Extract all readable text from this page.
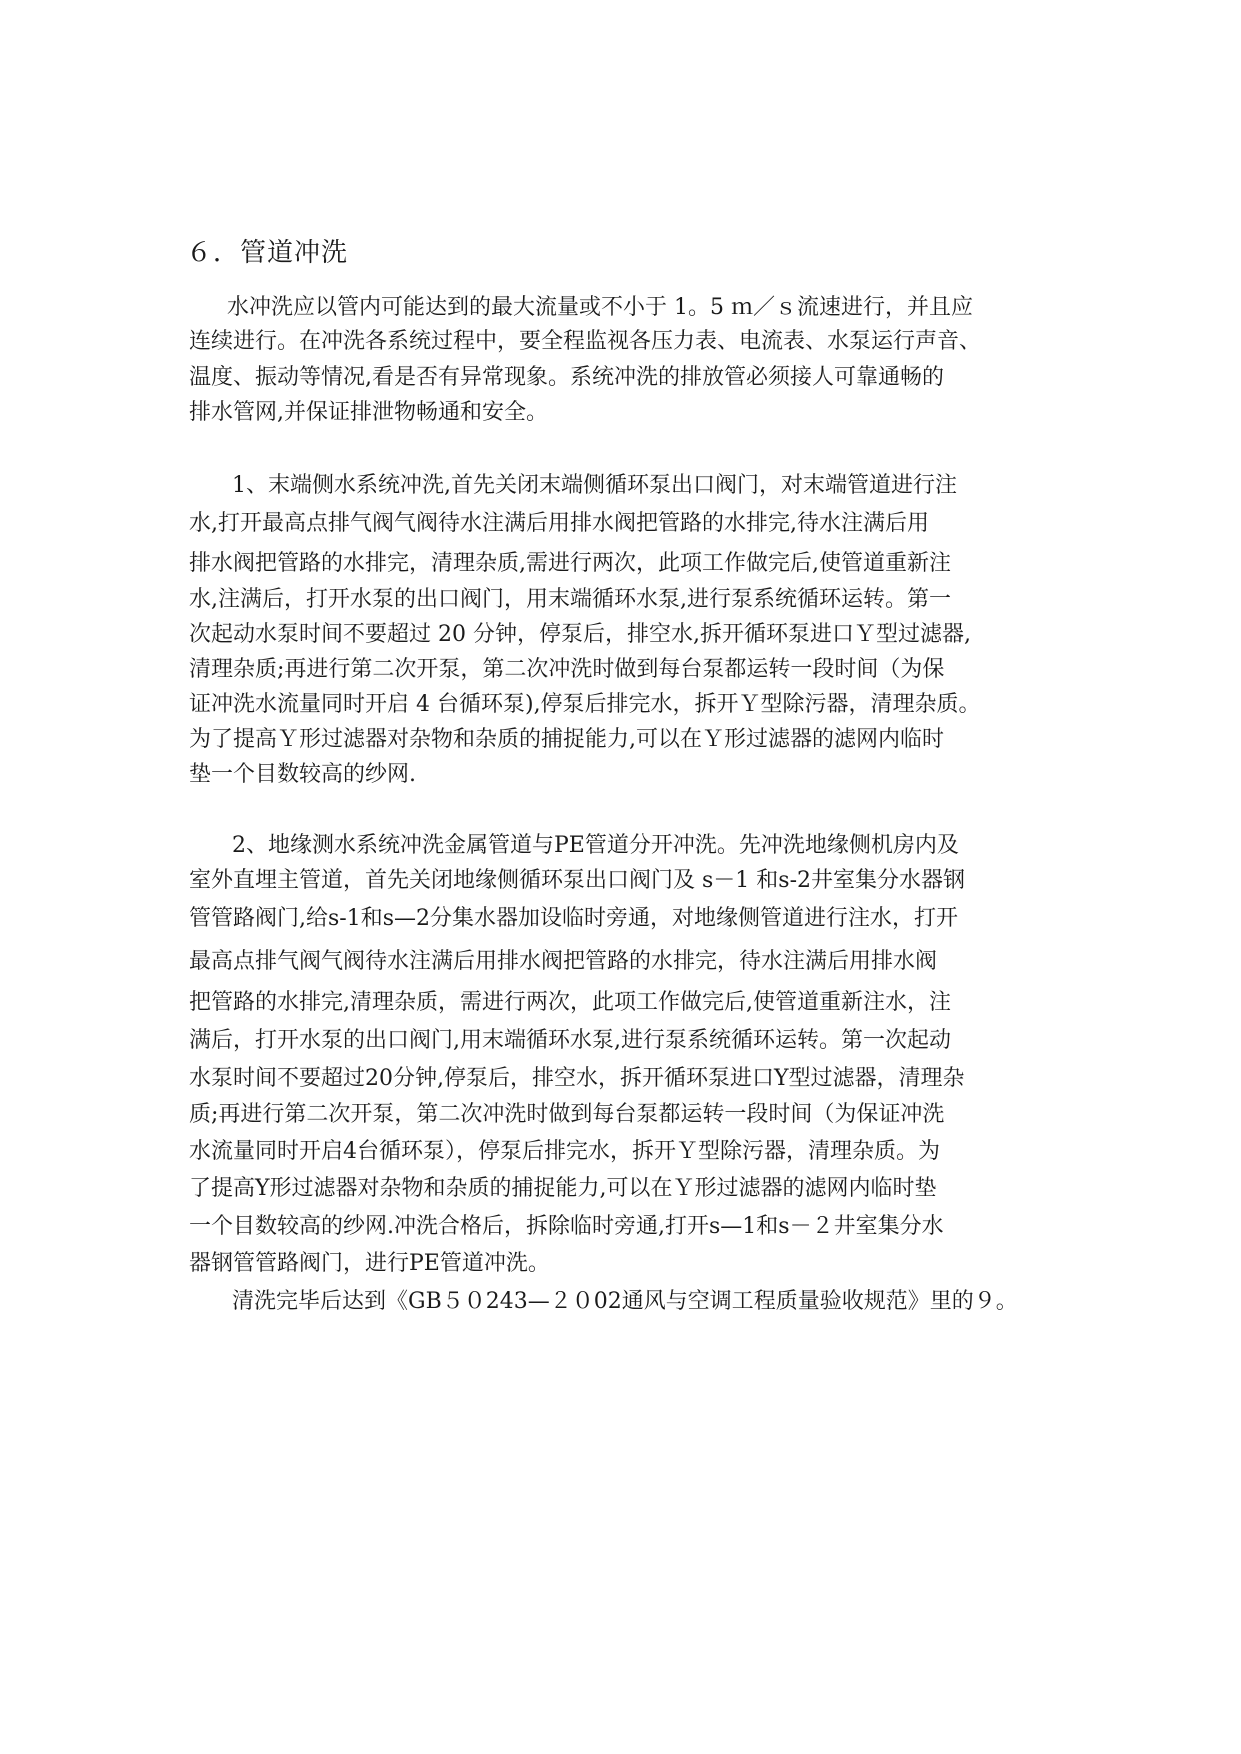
６．管道冲洗
水冲洗应以管内可能达到的最大流量或不小于 1。5 ｍ／ｓ流速进行，并且应
连续进行。在冲洗各系统过程中，要全程监视各压力表、电流表、水泵运行声音、
温度、振动等情况,看是否有异常现象。系统冲洗的排放管必须接人可靠通畅的
排水管网,并保证排泄物畅通和安全。
1、末端侧水系统冲洗,首先关闭末端侧循环泵出口阀门，对末端管道进行注
水,打开最高点排气阀气阀待水注满后用排水阀把管路的水排完,待水注满后用
排水阀把管路的水排完，清理杂质,需进行两次，此项工作做完后,使管道重新注
水,注满后，打开水泵的出口阀门，用末端循环水泵,进行泵系统循环运转。第一
次起动水泵时间不要超过 20 分钟，停泵后，排空水,拆开循环泵进口Ｙ型过滤器,
清理杂质;再进行第二次开泵，第二次冲洗时做到每台泵都运转一段时间（为保
证冲洗水流量同时开启 4 台循环泵),停泵后排完水，拆开Ｙ型除污器，清理杂质。
为了提高Ｙ形过滤器对杂物和杂质的捕捉能力,可以在Ｙ形过滤器的滤网内临时
垫一个目数较高的纱网.
2、地缘测水系统冲洗金属管道与PE管道分开冲洗。先冲洗地缘侧机房内及
室外直埋主管道，首先关闭地缘侧循环泵出口阀门及 s－1 和s-2井室集分水器钢
管管路阀门,给s-1和s—2分集水器加设临时旁通，对地缘侧管道进行注水，打开
最高点排气阀气阀待水注满后用排水阀把管路的水排完，待水注满后用排水阀
把管路的水排完,清理杂质，需进行两次，此项工作做完后,使管道重新注水，注
满后，打开水泵的出口阀门,用末端循环水泵,进行泵系统循环运转。第一次起动
水泵时间不要超过20分钟,停泵后，排空水，拆开循环泵进口Y型过滤器，清理杂
质;再进行第二次开泵，第二次冲洗时做到每台泵都运转一段时间（为保证冲洗
水流量同时开启4台循环泵），停泵后排完水，拆开Ｙ型除污器，清理杂质。为
了提高Y形过滤器对杂物和杂质的捕捉能力,可以在Ｙ形过滤器的滤网内临时垫
一个目数较高的纱网.冲洗合格后，拆除临时旁通,打开s—1和s－２井室集分水
器钢管管路阀门，进行PE管道冲洗。
清洗完毕后达到《GB５０243—２０02通风与空调工程质量验收规范》里的９。
